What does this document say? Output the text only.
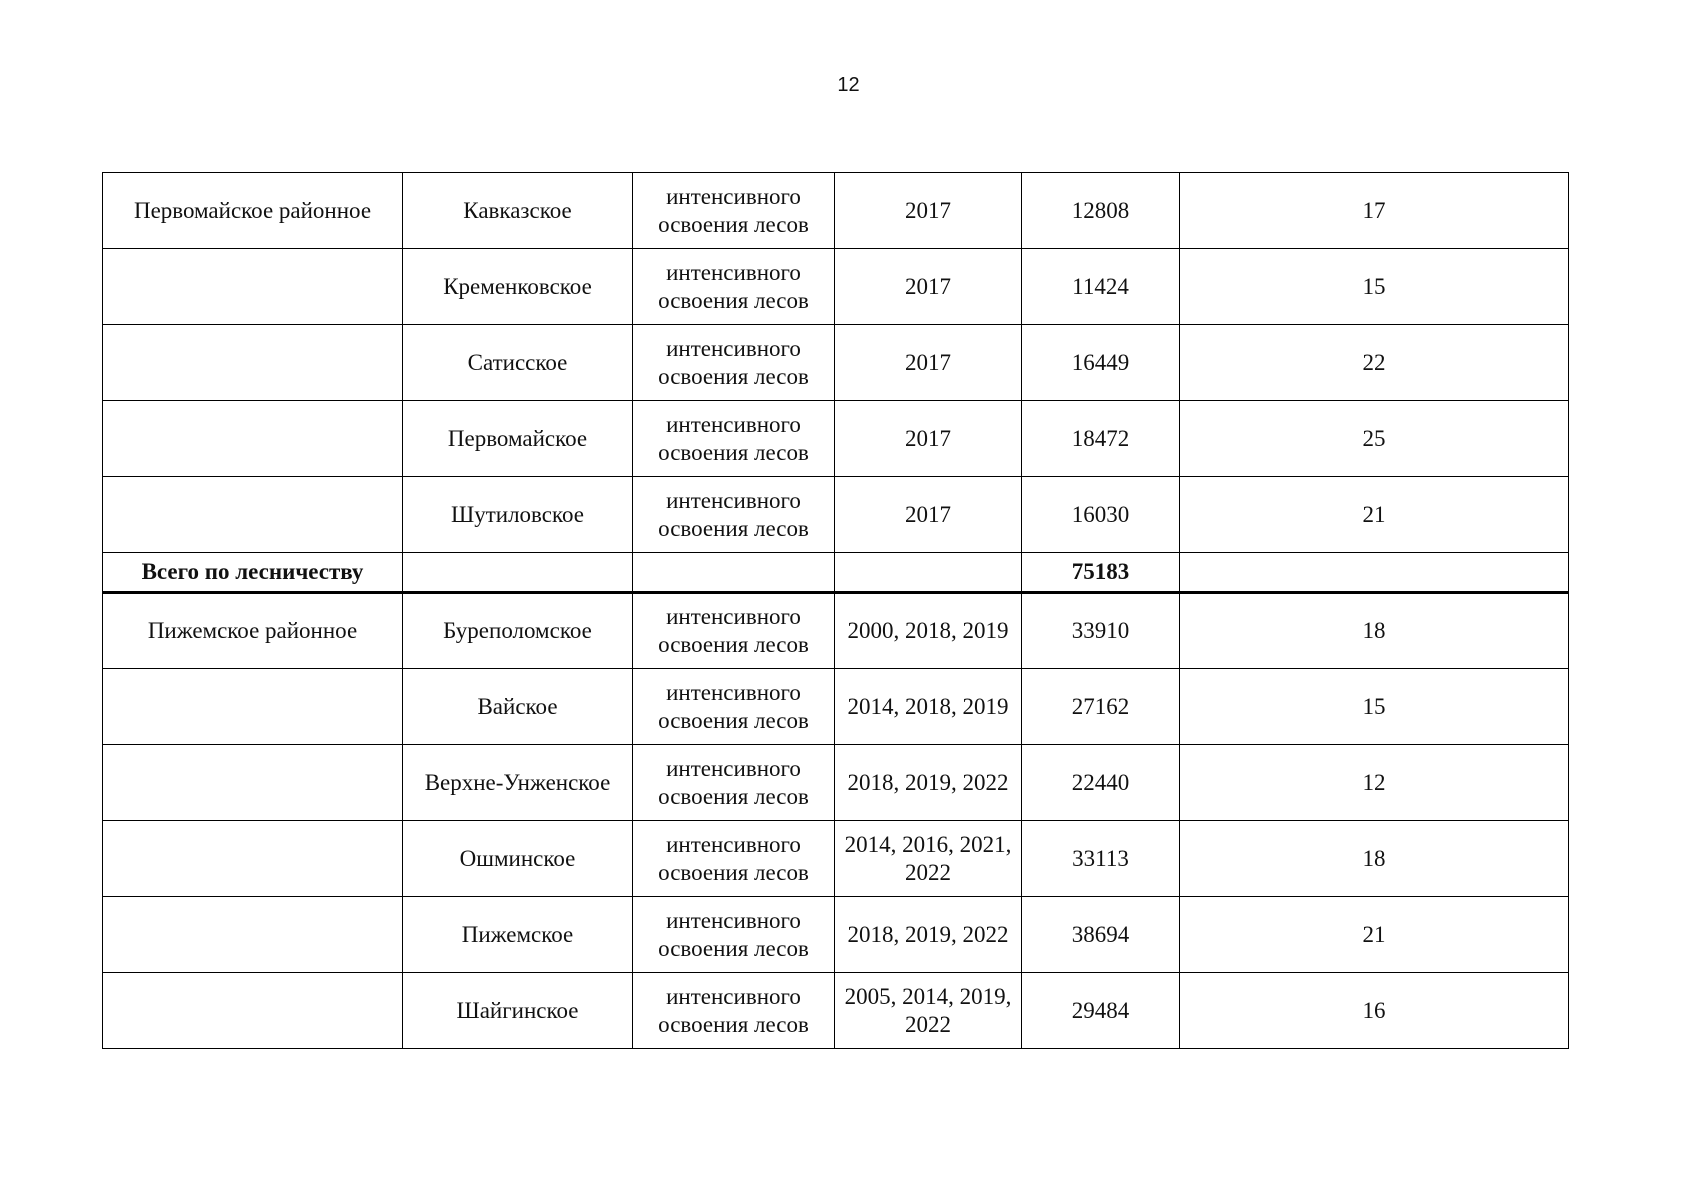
12
Первомайское районное	Кавказское	интенсивного освоения лесов	2017	12808	17
	Кременковское	интенсивного освоения лесов	2017	11424	15
	Сатисское	интенсивного освоения лесов	2017	16449	22
	Первомайское	интенсивного освоения лесов	2017	18472	25
	Шутиловское	интенсивного освоения лесов	2017	16030	21
Всего по лесничеству				75183	
Пижемское районное	Буреполомское	интенсивного освоения лесов	2000, 2018, 2019	33910	18
	Вайское	интенсивного освоения лесов	2014, 2018, 2019	27162	15
	Верхне-Унженское	интенсивного освоения лесов	2018, 2019, 2022	22440	12
	Ошминское	интенсивного освоения лесов	2014, 2016, 2021, 2022	33113	18
	Пижемское	интенсивного освоения лесов	2018, 2019, 2022	38694	21
	Шайгинское	интенсивного освоения лесов	2005, 2014, 2019, 2022	29484	16
